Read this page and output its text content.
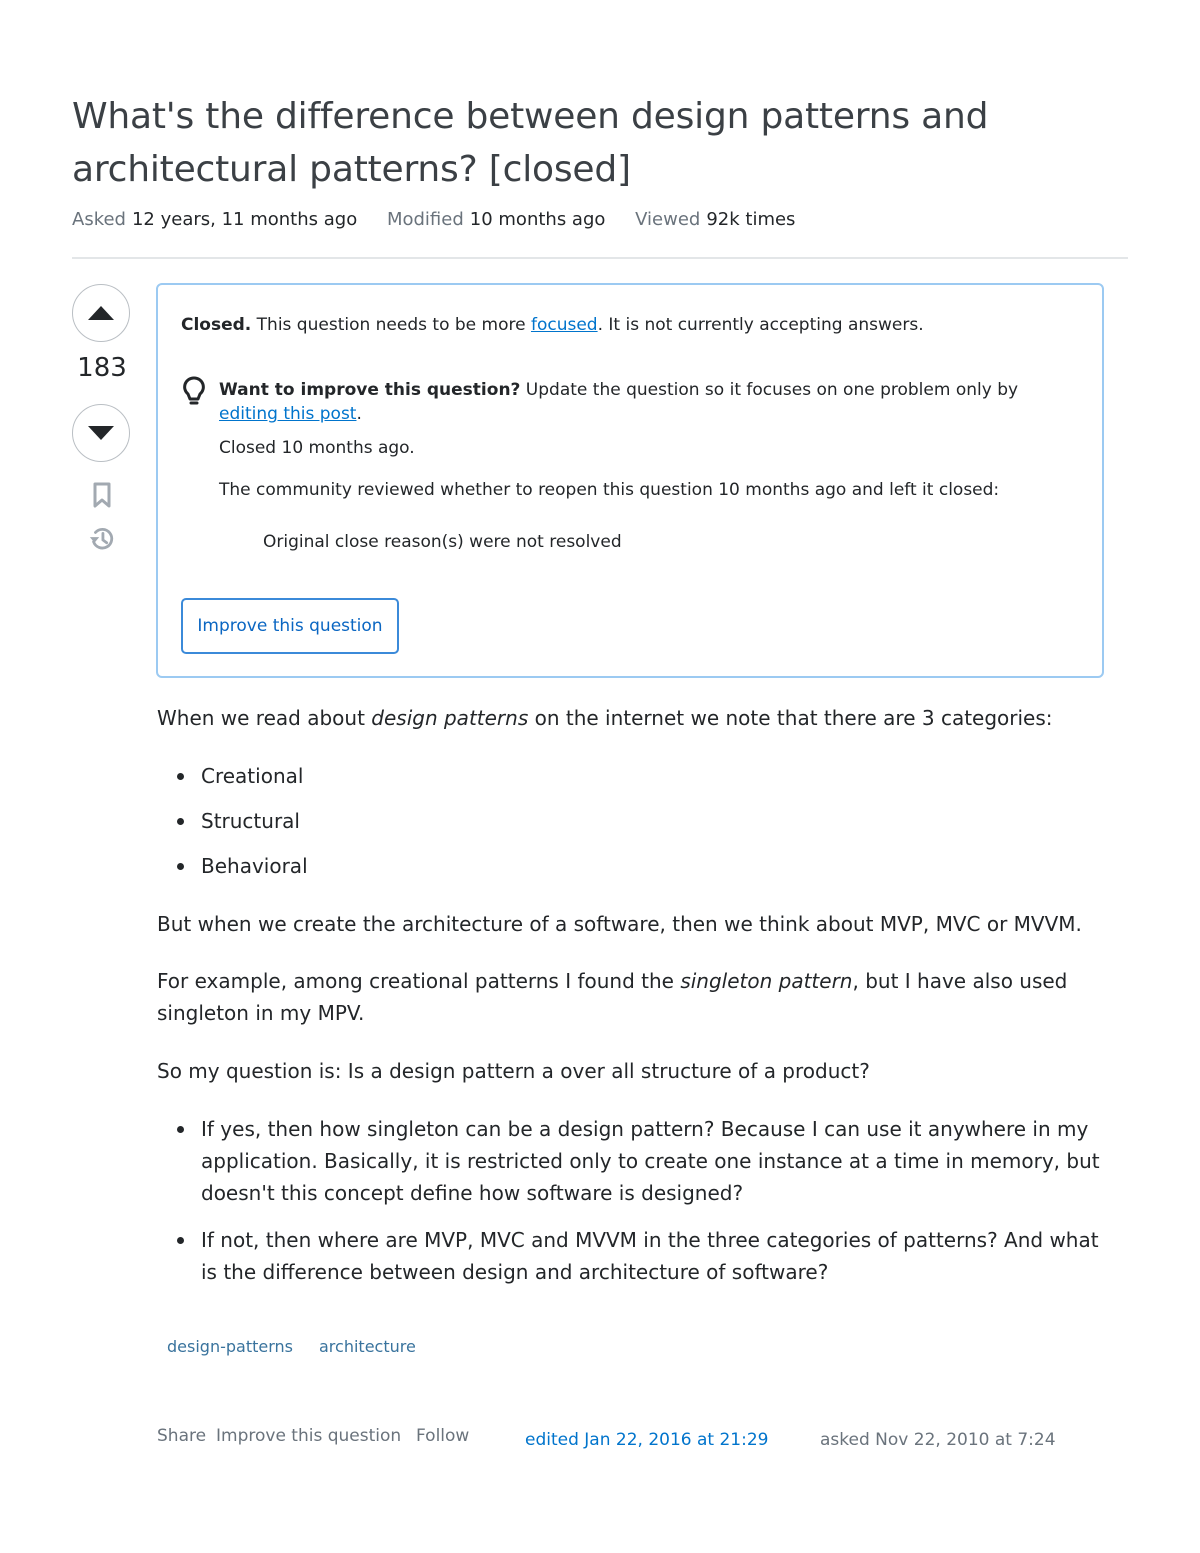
What's the difference between design patterns and architectural patterns? [closed]
Asked 12 years, 11 months ago Modified 10 months ago Viewed 92k times
183
Closed. This question needs to be more focused. It is not currently accepting answers.
Want to improve this question? Update the question so it focuses on one problem only by editing this post.
Closed 10 months ago.
The community reviewed whether to reopen this question 10 months ago and left it closed:
Original close reason(s) were not resolved
Improve this question

When we read about design patterns on the internet we note that there are 3 categories:

Creational
Structural
Behavioral

But when we create the architecture of a software, then we think about MVP, MVC or MVVM.

For example, among creational patterns I found the singleton pattern, but I have also used singleton in my MPV.

So my question is: Is a design pattern a over all structure of a product?

If yes, then how singleton can be a design pattern? Because I can use it anywhere in my application. Basically, it is restricted only to create one instance at a time in memory, but doesn't this concept define how software is designed?
If not, then where are MVP, MVC and MVVM in the three categories of patterns? And what is the difference between design and architecture of software?
design-patterns	architecture
Share Improve this question Follow	edited Jan 22, 2016 at 21:29	asked Nov 22, 2010 at 7:24
